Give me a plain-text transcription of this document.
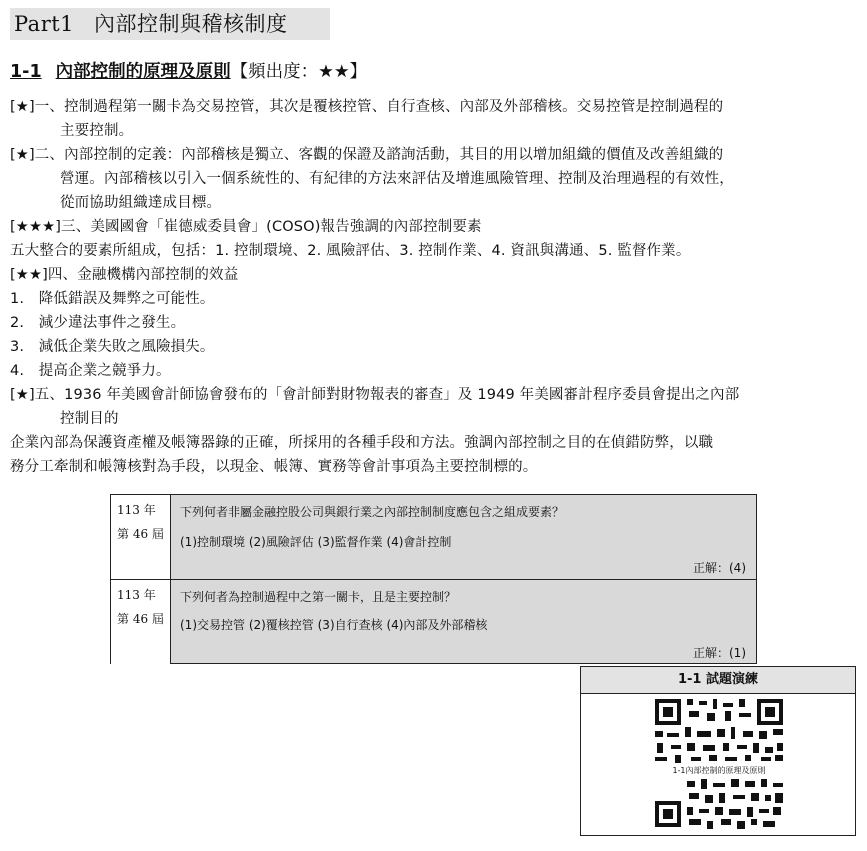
Part1 內部控制與稽核制度
1-1 內部控制的原理及原則【頻出度：★★】
[★]一、控制過程第一關卡為交易控管，其次是覆核控管、自行查核、內部及外部稽核。交易控管是控制過程的
主要控制。
[★]二、內部控制的定義：內部稽核是獨立、客觀的保證及諮詢活動，其目的用以增加組織的價值及改善組織的
營運。內部稽核以引入一個系統性的、有紀律的方法來評估及增進風險管理、控制及治理過程的有效性，
從而協助組織達成目標。
[★★★]三、美國國會「崔德威委員會」(COSO)報告強調的內部控制要素
五大整合的要素所組成，包括：1. 控制環境、2. 風險評估、3. 控制作業、4. 資訊與溝通、5. 監督作業。
[★★]四、金融機構內部控制的效益
1.　降低錯誤及舞弊之可能性。
2.　減少違法事件之發生。
3.　減低企業失敗之風險損失。
4.　提高企業之競爭力。
[★]五、1936 年美國會計師協會發布的「會計師對財物報表的審查」及 1949 年美國審計程序委員會提出之內部
控制目的
企業內部為保護資產權及帳簿器錄的正確，所採用的各種手段和方法。強調內部控制之目的在偵錯防弊，以職
務分工牽制和帳簿核對為手段，以現金、帳簿、實務等會計事項為主要控制標的。
113 年
第 46 屆
下列何者非屬金融控股公司與銀行業之內部控制制度應包含之組成要素？
(1)控制環境 (2)風險評估 (3)監督作業 (4)會計控制
正解：(4)
113 年
第 46 屆
下列何者為控制過程中之第一關卡，且是主要控制？
(1)交易控管 (2)覆核控管 (3)自行查核 (4)內部及外部稽核
正解：(1)
1-1 試題演練
1-1內部控制的原理及原則
